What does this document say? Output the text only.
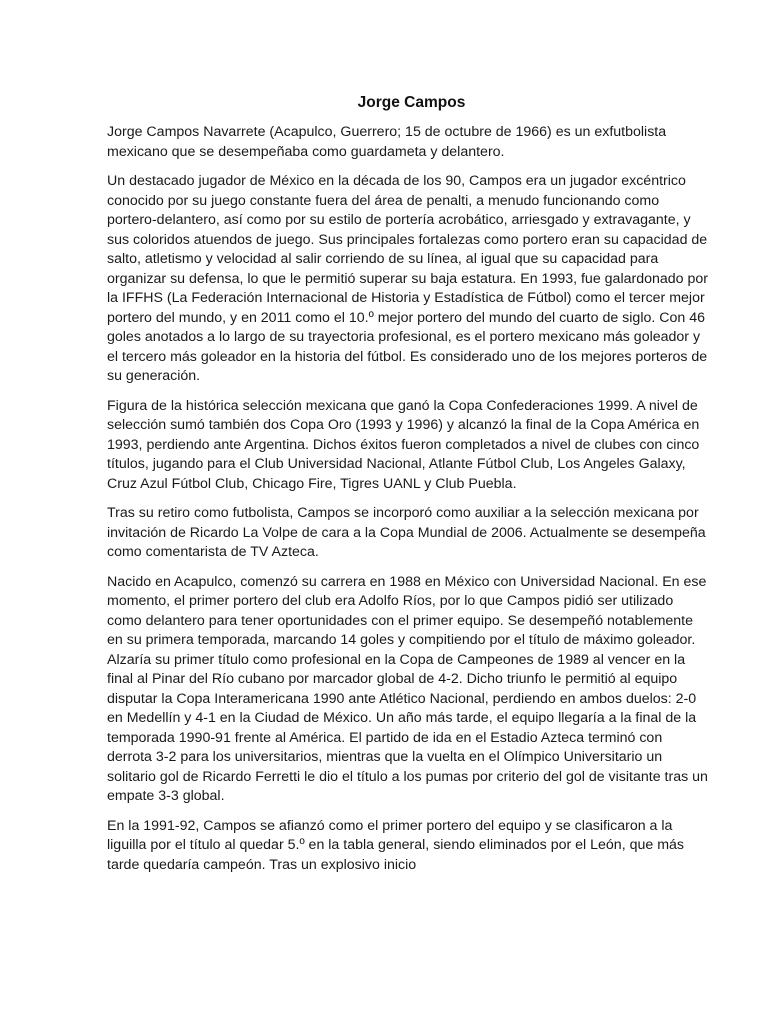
Jorge Campos

Jorge Campos Navarrete (Acapulco, Guerrero; 15 de octubre de 1966) es un exfutbolista mexicano que se desempeñaba como guardameta y delantero.

Un destacado jugador de México en la década de los 90, Campos era un jugador excéntrico conocido por su juego constante fuera del área de penalti, a menudo funcionando como portero-delantero, así como por su estilo de portería acrobático, arriesgado y extravagante, y sus coloridos atuendos de juego. Sus principales fortalezas como portero eran su capacidad de salto, atletismo y velocidad al salir corriendo de su línea, al igual que su capacidad para organizar su defensa, lo que le permitió superar su baja estatura. En 1993, fue galardonado por la IFFHS (La Federación Internacional de Historia y Estadística de Fútbol) como el tercer mejor portero del mundo, y en 2011 como el 10.º mejor portero del mundo del cuarto de siglo. Con 46 goles anotados a lo largo de su trayectoria profesional, es el portero mexicano más goleador y el tercero más goleador en la historia del fútbol. Es considerado uno de los mejores porteros de su generación.

Figura de la histórica selección mexicana que ganó la Copa Confederaciones 1999. A nivel de selección sumó también dos Copa Oro (1993 y 1996) y alcanzó la final de la Copa América en 1993, perdiendo ante Argentina. Dichos éxitos fueron completados a nivel de clubes con cinco títulos, jugando para el Club Universidad Nacional, Atlante Fútbol Club, Los Angeles Galaxy, Cruz Azul Fútbol Club, Chicago Fire, Tigres UANL y Club Puebla.

Tras su retiro como futbolista, Campos se incorporó como auxiliar a la selección mexicana por invitación de Ricardo La Volpe de cara a la Copa Mundial de 2006. Actualmente se desempeña como comentarista de TV Azteca.

Nacido en Acapulco, comenzó su carrera en 1988 en México con Universidad Nacional. En ese momento, el primer portero del club era Adolfo Ríos, por lo que Campos pidió ser utilizado como delantero para tener oportunidades con el primer equipo. Se desempeñó notablemente en su primera temporada, marcando 14 goles y compitiendo por el título de máximo goleador. Alzaría su primer título como profesional en la Copa de Campeones de 1989 al vencer en la final al Pinar del Río cubano por marcador global de 4-2. Dicho triunfo le permitió al equipo disputar la Copa Interamericana 1990 ante Atlético Nacional, perdiendo en ambos duelos: 2-0 en Medellín y 4-1 en la Ciudad de México. Un año más tarde, el equipo llegaría a la final de la temporada 1990-91 frente al América. El partido de ida en el Estadio Azteca terminó con derrota 3-2 para los universitarios, mientras que la vuelta en el Olímpico Universitario un solitario gol de Ricardo Ferretti le dio el título a los pumas por criterio del gol de visitante tras un empate 3-3 global.

En la 1991-92, Campos se afianzó como el primer portero del equipo y se clasificaron a la liguilla por el título al quedar 5.º en la tabla general, siendo eliminados por el León, que más tarde quedaría campeón. Tras un explosivo inicio
